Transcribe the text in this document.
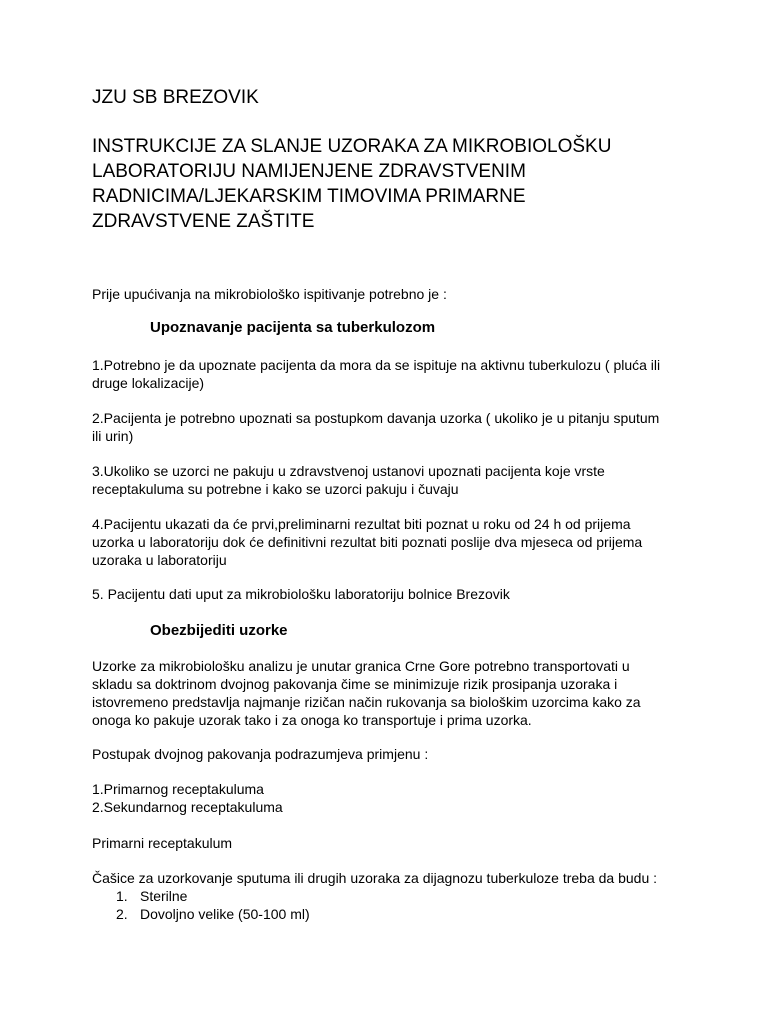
JZU SB BREZOVIK

INSTRUKCIJE ZA SLANJE UZORAKA ZA MIKROBIOLOŠKU
LABORATORIJU NAMIJENJENE ZDRAVSTVENIM
RADNICIMA/LJEKARSKIM TIMOVIMA PRIMARNE
ZDRAVSTVENE ZAŠTITE

Prije upućivanja na mikrobiološko ispitivanje potrebno je :

Upoznavanje pacijenta sa tuberkulozom

1.Potrebno je da upoznate pacijenta da mora da se ispituje na aktivnu tuberkulozu ( pluća ili
druge lokalizacije)

2.Pacijenta je potrebno upoznati sa postupkom davanja uzorka ( ukoliko je u pitanju sputum
ili urin)

3.Ukoliko se uzorci ne pakuju u zdravstvenoj ustanovi upoznati pacijenta koje vrste
receptakuluma su potrebne i kako se uzorci pakuju i čuvaju

4.Pacijentu ukazati da će prvi,preliminarni rezultat biti poznat u roku od 24 h od prijema
uzorka u laboratoriju dok će definitivni rezultat biti poznati poslije dva mjeseca od prijema
uzoraka u laboratoriju

5. Pacijentu dati uput za mikrobiološku laboratoriju bolnice Brezovik

Obezbijediti uzorke

Uzorke za mikrobiološku analizu je unutar granica Crne Gore potrebno transportovati u
skladu sa doktrinom dvojnog pakovanja čime se minimizuje rizik prosipanja uzoraka i
istovremeno predstavlja najmanje rizičan način rukovanja sa biološkim uzorcima kako za
onoga ko pakuje uzorak tako i za onoga ko transportuje i prima uzorka.

Postupak dvojnog pakovanja podrazumjeva primjenu :

1.Primarnog receptakuluma
2.Sekundarnog receptakuluma

Primarni receptakulum

Čašice za uzorkovanje sputuma ili drugih uzoraka za dijagnozu tuberkuloze treba da budu :

1. Sterilne
2. Dovoljno velike (50-100 ml)
